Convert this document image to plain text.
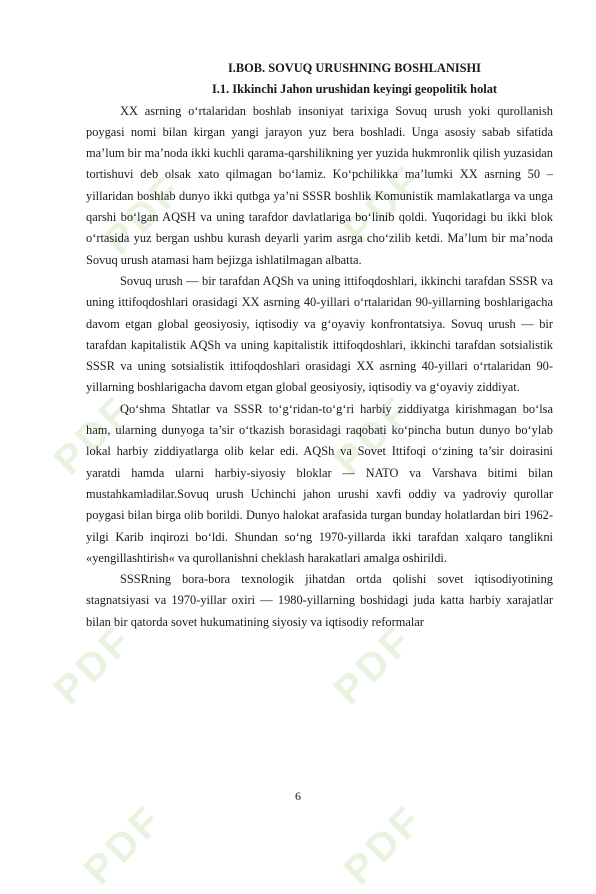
PDF	PDF
PDF	PDF
PDF	PDF
PDF	PDF
I.BOB. SOVUQ URUSHNING BOSHLANISHI
I.1. Ikkinchi Jahon urushidan keyingi geopolitik holat

XX asrning o‘rtalaridan boshlab insoniyat tarixiga Sovuq urush yoki qurollanish poygasi nomi bilan kirgan yangi jarayon yuz bera boshladi. Unga asosiy sabab sifatida ma’lum bir ma’noda ikki kuchli qarama-qarshilikning yer yuzida hukmronlik qilish yuzasidan tortishuvi deb olsak xato qilmagan bo‘lamiz. Ko‘pchilikka ma’lumki XX asrning 50 – yillaridan boshlab dunyo ikki qutbga ya’ni SSSR boshlik Komunistik mamlakatlarga va unga qarshi bo‘lgan AQSH va uning tarafdor davlatlariga bo‘linib qoldi. Yuqoridagi bu ikki blok o‘rtasida yuz bergan ushbu kurash deyarli yarim asrga cho‘zilib ketdi. Ma’lum bir ma’noda Sovuq urush atamasi ham bejizga ishlatilmagan albatta.

Sovuq urush — bir tarafdan AQSh va uning ittifoqdoshlari, ikkinchi tarafdan SSSR va uning ittifoqdoshlari orasidagi XX asrning 40-yillari o‘rtalaridan 90-yillarning boshlarigacha davom etgan global geosiyosiy, iqtisodiy va g‘oyaviy konfrontatsiya. Sovuq urush — bir tarafdan kapitalistik AQSh va uning kapitalistik ittifoqdoshlari, ikkinchi tarafdan sotsialistik SSSR va uning sotsialistik ittifoqdoshlari orasidagi XX asrning 40-yillari o‘rtalaridan 90-yillarning boshlarigacha davom etgan global geosiyosiy, iqtisodiy va g‘oyaviy ziddiyat.

Qo‘shma Shtatlar va SSSR to‘g‘ridan-to‘g‘ri harbiy ziddiyatga kirishmagan bo‘lsa ham, ularning dunyoga ta’sir o‘tkazish borasidagi raqobati ko‘pincha butun dunyo bo‘ylab lokal harbiy ziddiyatlarga olib kelar edi. AQSh va Sovet Ittifoqi o‘zining ta’sir doirasini yaratdi hamda ularni harbiy-siyosiy bloklar — NATO va Varshava bitimi bilan mustahkamladilar.Sovuq urush Uchinchi jahon urushi xavfi oddiy va yadroviy qurollar poygasi bilan birga olib borildi. Dunyo halokat arafasida turgan bunday holatlardan biri 1962-yilgi Karib inqirozi bo‘ldi. Shundan so‘ng 1970-yillarda ikki tarafdan xalqaro tanglikni «yengillashtirish« va qurollanishni cheklash harakatlari amalga oshirildi.

SSSRning bora-bora texnologik jihatdan ortda qolishi sovet iqtisodiyotining stagnatsiyasi va 1970-yillar oxiri — 1980-yillarning boshidagi juda katta harbiy xarajatlar bilan bir qatorda sovet hukumatining siyosiy va iqtisodiy reformalar

6
